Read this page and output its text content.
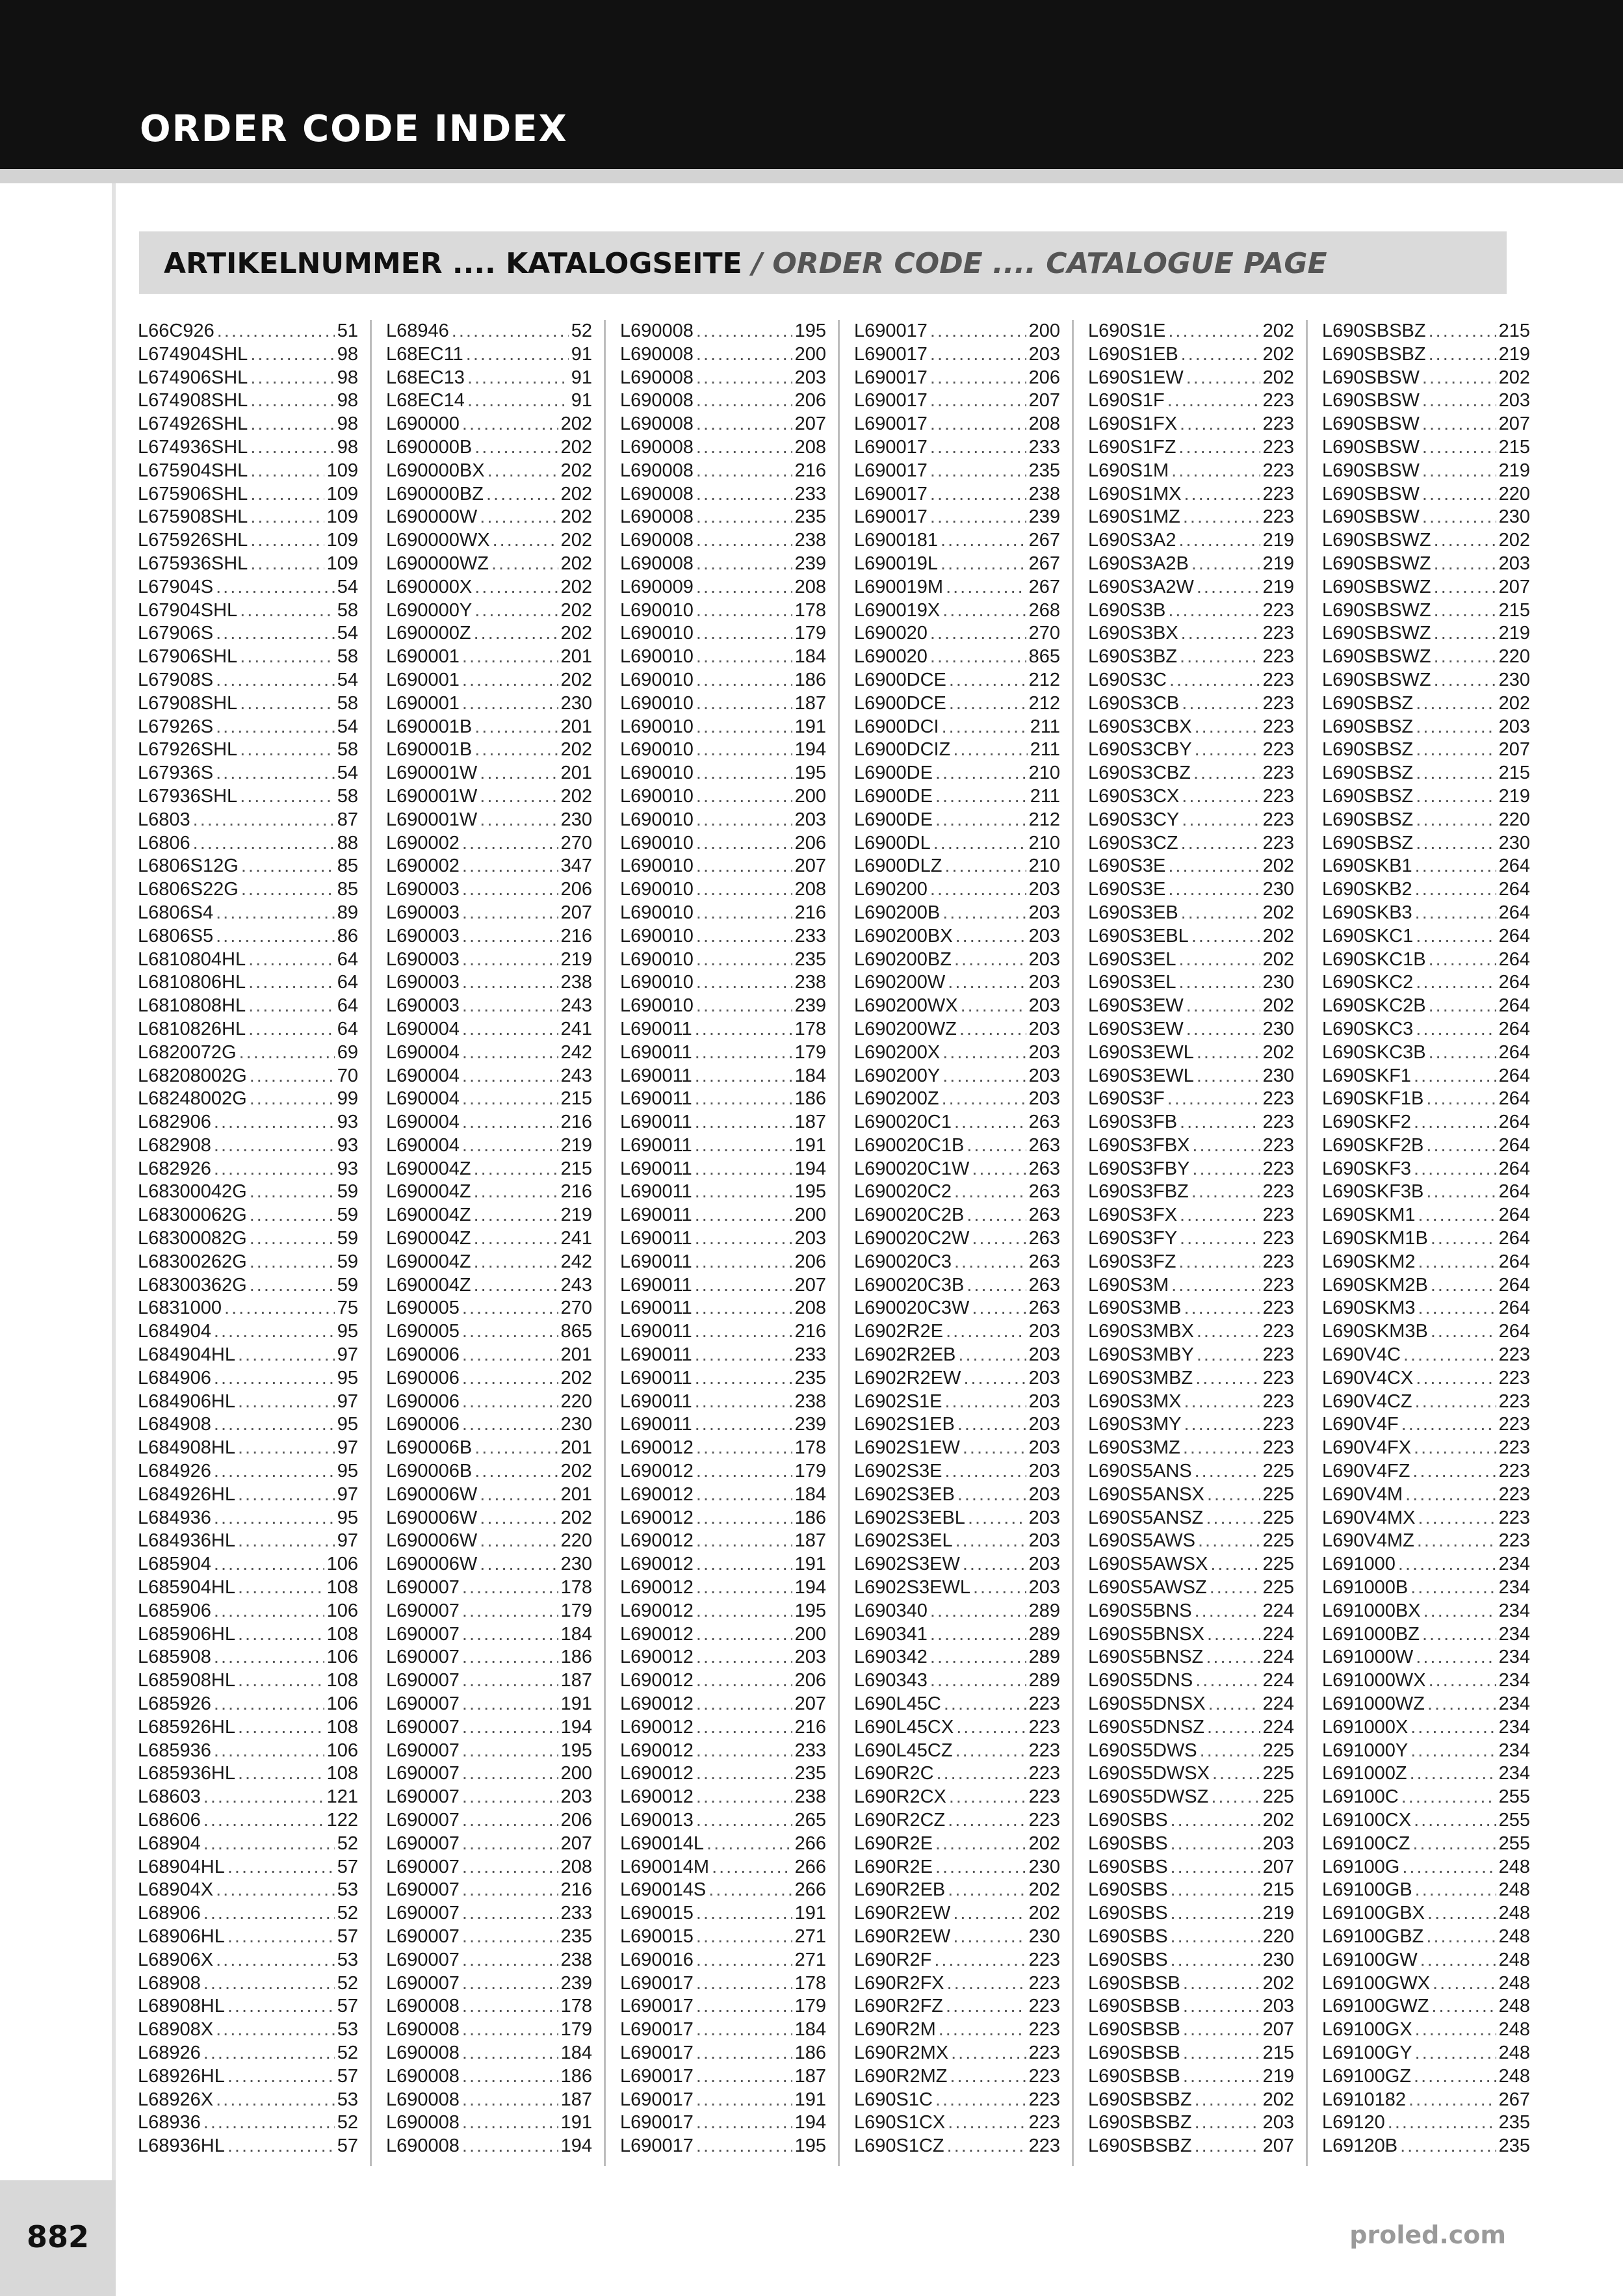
ORDER CODE INDEX
ARTIKELNUMMER .... KATALOGSEITE / ORDER CODE .... CATALOGUE PAGE
L66C926 .....	51
L674904SHL .....	98
L674906SHL .....	98
L674908SHL .....	98
L674926SHL .....	98
L674936SHL .....	98
L675904SHL .....	109
L675906SHL .....	109
L675908SHL .....	109
L675926SHL .....	109
L675936SHL .....	109
L67904S .....	54
L67904SHL .....	58
L67906S .....	54
L67906SHL .....	58
L67908S .....	54
L67908SHL .....	58
L67926S .....	54
L67926SHL .....	58
L67936S .....	54
L67936SHL .....	58
L6803 .....	87
L6806 .....	88
L6806S12G .....	85
L6806S22G .....	85
L6806S4 .....	89
L6806S5 .....	86
L6810804HL .....	64
L6810806HL .....	64
L6810808HL .....	64
L6810826HL .....	64
L6820072G .....	69
L68208002G .....	70
L68248002G .....	99
L682906 .....	93
L682908 .....	93
L682926 .....	93
L68300042G .....	59
L68300062G .....	59
L68300082G .....	59
L68300262G .....	59
L68300362G .....	59
L6831000 .....	75
L684904 .....	95
L684904HL .....	97
L684906 .....	95
L684906HL .....	97
L684908 .....	95
L684908HL .....	97
L684926 .....	95
L684926HL .....	97
L684936 .....	95
L684936HL .....	97
L685904 .....	106
L685904HL .....	108
L685906 .....	106
L685906HL .....	108
L685908 .....	106
L685908HL .....	108
L685926 .....	106
L685926HL .....	108
L685936 .....	106
L685936HL .....	108
L68603 .....	121
L68606 .....	122
L68904 .....	52
L68904HL .....	57
L68904X .....	53
L68906 .....	52
L68906HL .....	57
L68906X .....	53
L68908 .....	52
L68908HL .....	57
L68908X .....	53
L68926 .....	52
L68926HL .....	57
L68926X .....	53
L68936 .....	52
L68936HL .....	57
L68946 .....	52
L68EC11 .....	91
L68EC13 .....	91
L68EC14 .....	91
L690000 .....	202
L690000B .....	202
L690000BX .....	202
L690000BZ .....	202
L690000W .....	202
L690000WX .....	202
L690000WZ .....	202
L690000X .....	202
L690000Y .....	202
L690000Z .....	202
L690001 .....	201
L690001 .....	202
L690001 .....	230
L690001B .....	201
L690001B .....	202
L690001W .....	201
L690001W .....	202
L690001W .....	230
L690002 .....	270
L690002 .....	347
L690003 .....	206
L690003 .....	207
L690003 .....	216
L690003 .....	219
L690003 .....	238
L690003 .....	243
L690004 .....	241
L690004 .....	242
L690004 .....	243
L690004 .....	215
L690004 .....	216
L690004 .....	219
L690004Z .....	215
L690004Z .....	216
L690004Z .....	219
L690004Z .....	241
L690004Z .....	242
L690004Z .....	243
L690005 .....	270
L690005 .....	865
L690006 .....	201
L690006 .....	202
L690006 .....	220
L690006 .....	230
L690006B .....	201
L690006B .....	202
L690006W .....	201
L690006W .....	202
L690006W .....	220
L690006W .....	230
L690007 .....	178
L690007 .....	179
L690007 .....	184
L690007 .....	186
L690007 .....	187
L690007 .....	191
L690007 .....	194
L690007 .....	195
L690007 .....	200
L690007 .....	203
L690007 .....	206
L690007 .....	207
L690007 .....	208
L690007 .....	216
L690007 .....	233
L690007 .....	235
L690007 .....	238
L690007 .....	239
L690008 .....	178
L690008 .....	179
L690008 .....	184
L690008 .....	186
L690008 .....	187
L690008 .....	191
L690008 .....	194
L690008 .....	195
L690008 .....	200
L690008 .....	203
L690008 .....	206
L690008 .....	207
L690008 .....	208
L690008 .....	216
L690008 .....	233
L690008 .....	235
L690008 .....	238
L690008 .....	239
L690009 .....	208
L690010 .....	178
L690010 .....	179
L690010 .....	184
L690010 .....	186
L690010 .....	187
L690010 .....	191
L690010 .....	194
L690010 .....	195
L690010 .....	200
L690010 .....	203
L690010 .....	206
L690010 .....	207
L690010 .....	208
L690010 .....	216
L690010 .....	233
L690010 .....	235
L690010 .....	238
L690010 .....	239
L690011 .....	178
L690011 .....	179
L690011 .....	184
L690011 .....	186
L690011 .....	187
L690011 .....	191
L690011 .....	194
L690011 .....	195
L690011 .....	200
L690011 .....	203
L690011 .....	206
L690011 .....	207
L690011 .....	208
L690011 .....	216
L690011 .....	233
L690011 .....	235
L690011 .....	238
L690011 .....	239
L690012 .....	178
L690012 .....	179
L690012 .....	184
L690012 .....	186
L690012 .....	187
L690012 .....	191
L690012 .....	194
L690012 .....	195
L690012 .....	200
L690012 .....	203
L690012 .....	206
L690012 .....	207
L690012 .....	216
L690012 .....	233
L690012 .....	235
L690012 .....	238
L690013 .....	265
L690014L .....	266
L690014M .....	266
L690014S .....	266
L690015 .....	191
L690015 .....	271
L690016 .....	271
L690017 .....	178
L690017 .....	179
L690017 .....	184
L690017 .....	186
L690017 .....	187
L690017 .....	191
L690017 .....	194
L690017 .....	195
L690017 .....	200
L690017 .....	203
L690017 .....	206
L690017 .....	207
L690017 .....	208
L690017 .....	233
L690017 .....	235
L690017 .....	238
L690017 .....	239
L6900181 .....	267
L690019L .....	267
L690019M .....	267
L690019X .....	268
L690020 .....	270
L690020 .....	865
L6900DCE .....	212
L6900DCE .....	212
L6900DCI .....	211
L6900DCIZ .....	211
L6900DE .....	210
L6900DE .....	211
L6900DE .....	212
L6900DL .....	210
L6900DLZ .....	210
L690200 .....	203
L690200B .....	203
L690200BX .....	203
L690200BZ .....	203
L690200W .....	203
L690200WX .....	203
L690200WZ .....	203
L690200X .....	203
L690200Y .....	203
L690200Z .....	203
L690020C1 .....	263
L690020C1B .....	263
L690020C1W .....	263
L690020C2 .....	263
L690020C2B .....	263
L690020C2W .....	263
L690020C3 .....	263
L690020C3B .....	263
L690020C3W .....	263
L6902R2E .....	203
L6902R2EB .....	203
L6902R2EW .....	203
L6902S1E .....	203
L6902S1EB .....	203
L6902S1EW .....	203
L6902S3E .....	203
L6902S3EB .....	203
L6902S3EBL .....	203
L6902S3EL .....	203
L6902S3EW .....	203
L6902S3EWL .....	203
L690340 .....	289
L690341 .....	289
L690342 .....	289
L690343 .....	289
L690L45C .....	223
L690L45CX .....	223
L690L45CZ .....	223
L690R2C .....	223
L690R2CX .....	223
L690R2CZ .....	223
L690R2E .....	202
L690R2E .....	230
L690R2EB .....	202
L690R2EW .....	202
L690R2EW .....	230
L690R2F .....	223
L690R2FX .....	223
L690R2FZ .....	223
L690R2M .....	223
L690R2MX .....	223
L690R2MZ .....	223
L690S1C .....	223
L690S1CX .....	223
L690S1CZ .....	223
L690S1E .....	202
L690S1EB .....	202
L690S1EW .....	202
L690S1F .....	223
L690S1FX .....	223
L690S1FZ .....	223
L690S1M .....	223
L690S1MX .....	223
L690S1MZ .....	223
L690S3A2 .....	219
L690S3A2B .....	219
L690S3A2W .....	219
L690S3B .....	223
L690S3BX .....	223
L690S3BZ .....	223
L690S3C .....	223
L690S3CB .....	223
L690S3CBX .....	223
L690S3CBY .....	223
L690S3CBZ .....	223
L690S3CX .....	223
L690S3CY .....	223
L690S3CZ .....	223
L690S3E .....	202
L690S3E .....	230
L690S3EB .....	202
L690S3EBL .....	202
L690S3EL .....	202
L690S3EL .....	230
L690S3EW .....	202
L690S3EW .....	230
L690S3EWL .....	202
L690S3EWL .....	230
L690S3F .....	223
L690S3FB .....	223
L690S3FBX .....	223
L690S3FBY .....	223
L690S3FBZ .....	223
L690S3FX .....	223
L690S3FY .....	223
L690S3FZ .....	223
L690S3M .....	223
L690S3MB .....	223
L690S3MBX .....	223
L690S3MBY .....	223
L690S3MBZ .....	223
L690S3MX .....	223
L690S3MY .....	223
L690S3MZ .....	223
L690S5ANS .....	225
L690S5ANSX .....	225
L690S5ANSZ .....	225
L690S5AWS .....	225
L690S5AWSX .....	225
L690S5AWSZ .....	225
L690S5BNS .....	224
L690S5BNSX .....	224
L690S5BNSZ .....	224
L690S5DNS .....	224
L690S5DNSX .....	224
L690S5DNSZ .....	224
L690S5DWS .....	225
L690S5DWSX .....	225
L690S5DWSZ .....	225
L690SBS .....	202
L690SBS .....	203
L690SBS .....	207
L690SBS .....	215
L690SBS .....	219
L690SBS .....	220
L690SBS .....	230
L690SBSB .....	202
L690SBSB .....	203
L690SBSB .....	207
L690SBSB .....	215
L690SBSB .....	219
L690SBSBZ .....	202
L690SBSBZ .....	203
L690SBSBZ .....	207
L690SBSBZ .....	215
L690SBSBZ .....	219
L690SBSW .....	202
L690SBSW .....	203
L690SBSW .....	207
L690SBSW .....	215
L690SBSW .....	219
L690SBSW .....	220
L690SBSW .....	230
L690SBSWZ .....	202
L690SBSWZ .....	203
L690SBSWZ .....	207
L690SBSWZ .....	215
L690SBSWZ .....	219
L690SBSWZ .....	220
L690SBSWZ .....	230
L690SBSZ .....	202
L690SBSZ .....	203
L690SBSZ .....	207
L690SBSZ .....	215
L690SBSZ .....	219
L690SBSZ .....	220
L690SBSZ .....	230
L690SKB1 .....	264
L690SKB2 .....	264
L690SKB3 .....	264
L690SKC1 .....	264
L690SKC1B .....	264
L690SKC2 .....	264
L690SKC2B .....	264
L690SKC3 .....	264
L690SKC3B .....	264
L690SKF1 .....	264
L690SKF1B .....	264
L690SKF2 .....	264
L690SKF2B .....	264
L690SKF3 .....	264
L690SKF3B .....	264
L690SKM1 .....	264
L690SKM1B .....	264
L690SKM2 .....	264
L690SKM2B .....	264
L690SKM3 .....	264
L690SKM3B .....	264
L690V4C .....	223
L690V4CX .....	223
L690V4CZ .....	223
L690V4F .....	223
L690V4FX .....	223
L690V4FZ .....	223
L690V4M .....	223
L690V4MX .....	223
L690V4MZ .....	223
L691000 .....	234
L691000B .....	234
L691000BX .....	234
L691000BZ .....	234
L691000W .....	234
L691000WX .....	234
L691000WZ .....	234
L691000X .....	234
L691000Y .....	234
L691000Z .....	234
L69100C .....	255
L69100CX .....	255
L69100CZ .....	255
L69100G .....	248
L69100GB .....	248
L69100GBX .....	248
L69100GBZ .....	248
L69100GW .....	248
L69100GWX .....	248
L69100GWZ .....	248
L69100GX .....	248
L69100GY .....	248
L69100GZ .....	248
L6910182 .....	267
L69120 .....	235
L69120B .....	235
882	proled.com
